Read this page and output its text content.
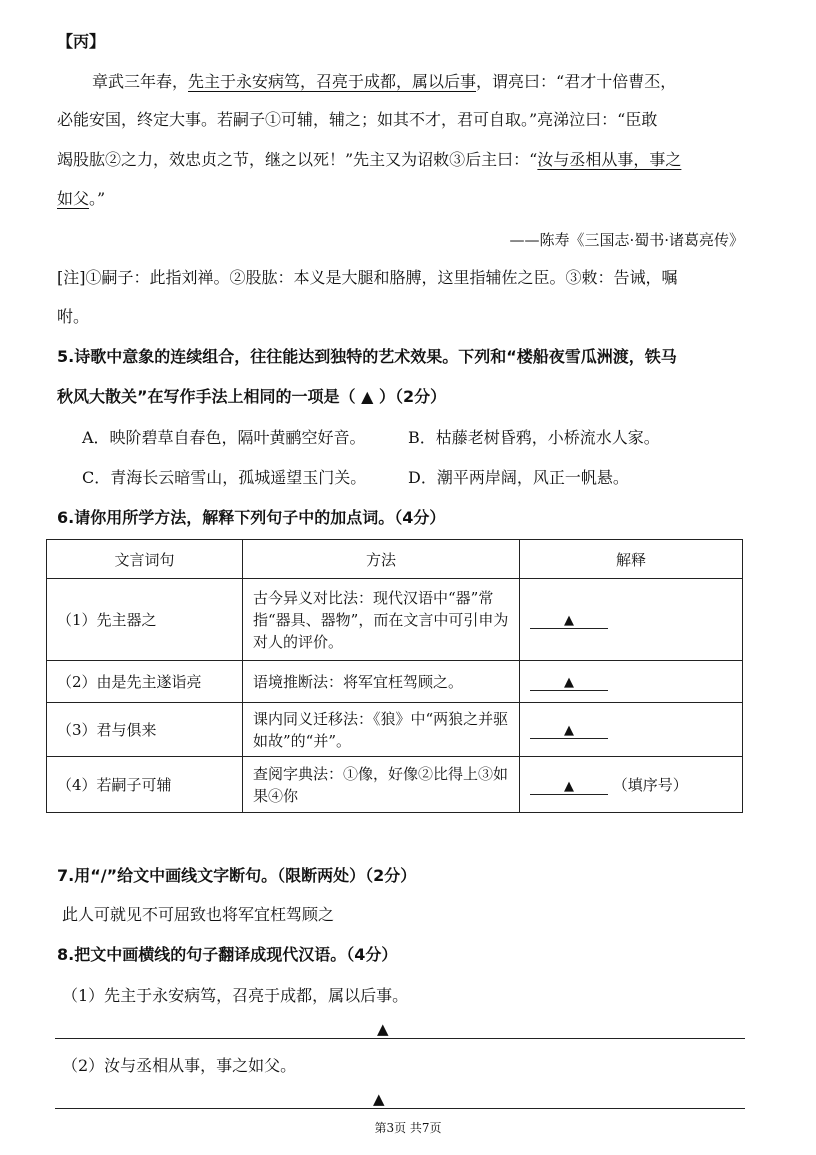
【丙】
章武三年春，先主于永安病笃，召亮于成都，属以后事，谓亮曰：“君才十倍曹丕，
必能安国，终定大事。若嗣子①可辅，辅之；如其不才，君可自取。”亮涕泣曰：“臣敢
竭股肱②之力，效忠贞之节，继之以死！”先主又为诏敕③后主曰：“汝与丞相从事，事之
如父。”
——陈寿《三国志·蜀书·诸葛亮传》
[注]①嗣子：此指刘禅。②股肱：本义是大腿和胳膊，这里指辅佐之臣。③敕：告诫，嘱
咐。
5.诗歌中意象的连续组合，往往能达到独特的艺术效果。下列和“楼船夜雪瓜洲渡，铁马
秋风大散关”在写作手法上相同的一项是（ ▲ ）（2分）
A．映阶碧草自春色，隔叶黄鹂空好音。	B．枯藤老树昏鸦，小桥流水人家。
C．青海长云暗雪山，孤城遥望玉门关。	D．潮平两岸阔，风正一帆悬。
6.请你用所学方法，解释下列句子中的加点词。（4分）
文言词句	方法	解释
（1）先主器之	古今异义对比法：现代汉语中“器”常指“器具、器物”，而在文言中可引申为对人的评价。	▲
（2）由是先主遂诣亮	语境推断法：将军宜枉驾顾之。	▲
（3）君与俱来	课内同义迁移法：《狼》中“两狼之并驱如故”的“并”。	▲
（4）若嗣子可辅	查阅字典法：①像，好像②比得上③如果④你	▲ （填序号）
7.用“/”给文中画线文字断句。（限断两处）（2分）
此人可就见不可屈致也将军宜枉驾顾之
8.把文中画横线的句子翻译成现代汉语。（4分）
（1）先主于永安病笃，召亮于成都，属以后事。
▲
（2）汝与丞相从事，事之如父。
▲
第3页 共7页
